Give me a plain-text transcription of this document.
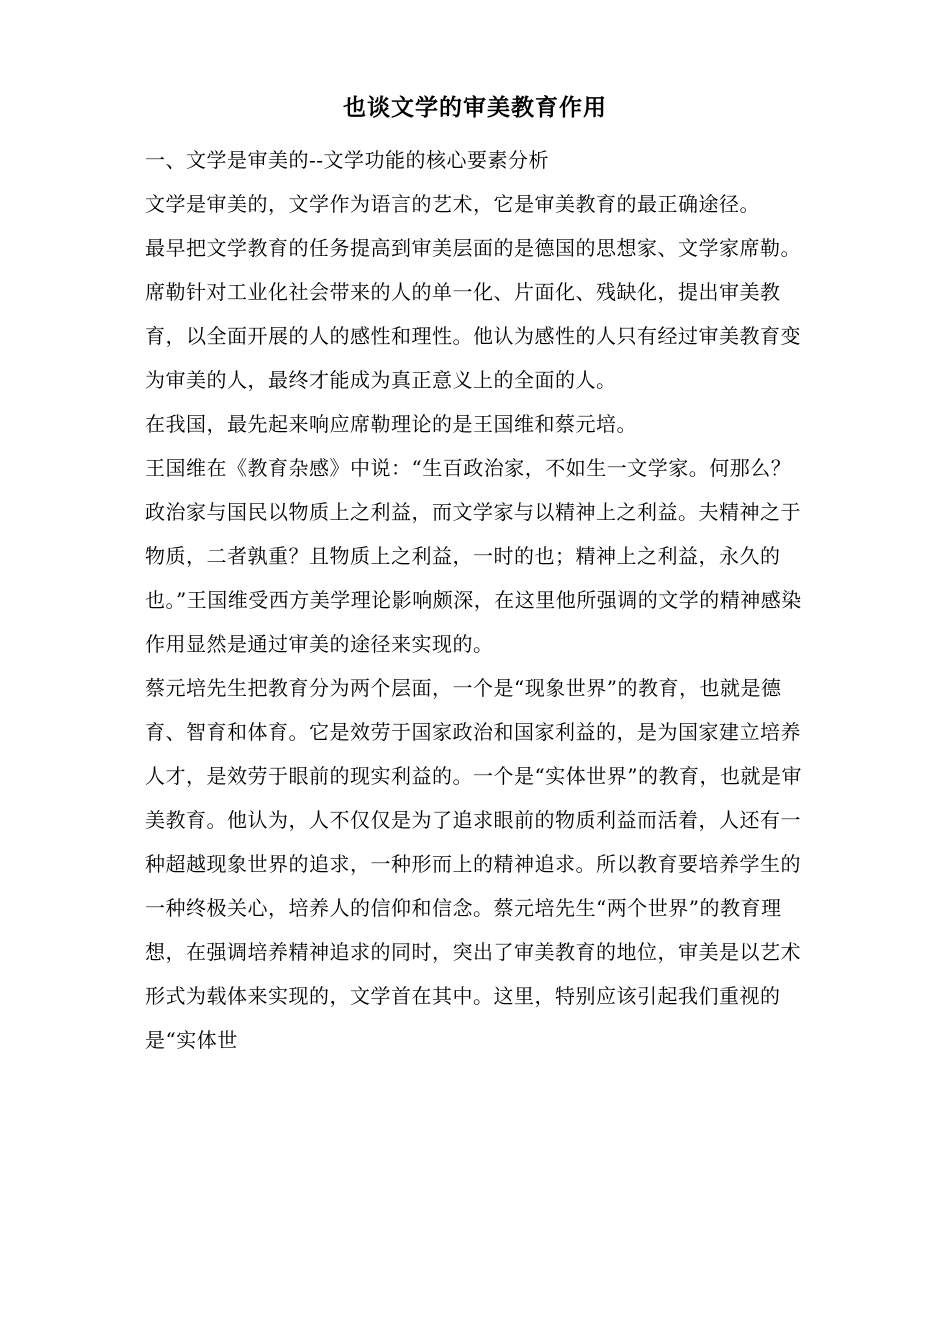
也谈文学的审美教育作用

一、文学是审美的--文学功能的核心要素分析

文学是审美的，文学作为语言的艺术，它是审美教育的最正确途径。

最早把文学教育的任务提高到审美层面的是德国的思想家、文学家席勒。席勒针对工业化社会带来的人的单一化、片面化、残缺化，提出审美教育，以全面开展的人的感性和理性。他认为感性的人只有经过审美教育变为审美的人，最终才能成为真正意义上的全面的人。

在我国，最先起来响应席勒理论的是王国维和蔡元培。

王国维在《教育杂感》中说：“生百政治家，不如生一文学家。何那么？政治家与国民以物质上之利益，而文学家与以精神上之利益。夫精神之于物质，二者孰重？且物质上之利益，一时的也；精神上之利益，永久的也。”王国维受西方美学理论影响颇深，在这里他所强调的文学的精神感染作用显然是通过审美的途径来实现的。

蔡元培先生把教育分为两个层面，一个是“现象世界”的教育，也就是德育、智育和体育。它是效劳于国家政治和国家利益的，是为国家建立培养人才，是效劳于眼前的现实利益的。一个是“实体世界”的教育，也就是审美教育。他认为，人不仅仅是为了追求眼前的物质利益而活着，人还有一种超越现象世界的追求，一种形而上的精神追求。所以教育要培养学生的一种终极关心，培养人的信仰和信念。蔡元培先生“两个世界”的教育理想，在强调培养精神追求的同时，突出了审美教育的地位，审美是以艺术形式为载体来实现的，文学首在其中。这里，特别应该引起我们重视的是“实体世
